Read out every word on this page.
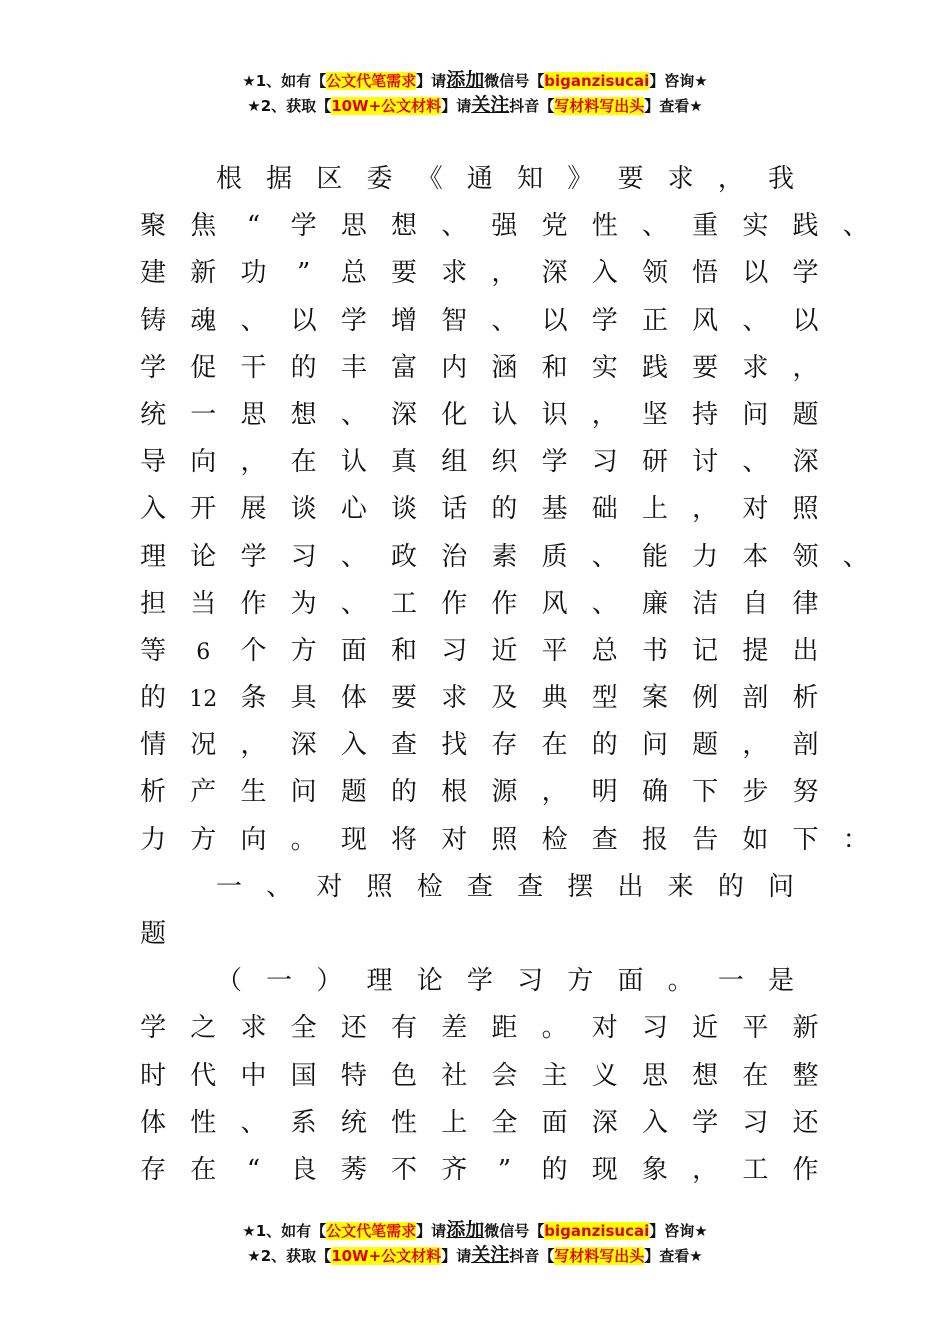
★1、如有【公文代笔需求】请添加微信号【biganzisucai】咨询★
★2、获取【10W+公文材料】请关注抖音【写材料写出头】查看★
根 据 区 委 《 通 知 》 要 求 ， 我
聚 焦 “ 学 思 想 、 强 党 性 、 重 实 践 、
建 新 功 ” 总 要 求 ， 深 入 领 悟 以 学
铸 魂 、 以 学 增 智 、 以 学 正 风 、 以
学 促 干 的 丰 富 内 涵 和 实 践 要 求 ，
统 一 思 想 、 深 化 认 识 ， 坚 持 问 题
导 向 ， 在 认 真 组 织 学 习 研 讨 、 深
入 开 展 谈 心 谈 话 的 基 础 上 ， 对 照
理 论 学 习 、 政 治 素 质 、 能 力 本 领 、
担 当 作 为 、 工 作 作 风 、 廉 洁 自 律
等 6 个 方 面 和 习 近 平 总 书 记 提 出
的 12 条 具 体 要 求 及 典 型 案 例 剖 析
情 况 ， 深 入 查 找 存 在 的 问 题 ， 剖
析 产 生 问 题 的 根 源 ， 明 确 下 步 努
力 方 向 。 现 将 对 照 检 查 报 告 如 下 ：
一 、 对 照 检 查 查 摆 出 来 的 问
题
（ 一 ） 理 论 学 习 方 面 。 一 是
学 之 求 全 还 有 差 距 。 对 习 近 平 新
时 代 中 国 特 色 社 会 主 义 思 想 在 整
体 性 、 系 统 性 上 全 面 深 入 学 习 还
存 在 “ 良 莠 不 齐 ” 的 现 象 ， 工 作
★1、如有【公文代笔需求】请添加微信号【biganzisucai】咨询★
★2、获取【10W+公文材料】请关注抖音【写材料写出头】查看★
